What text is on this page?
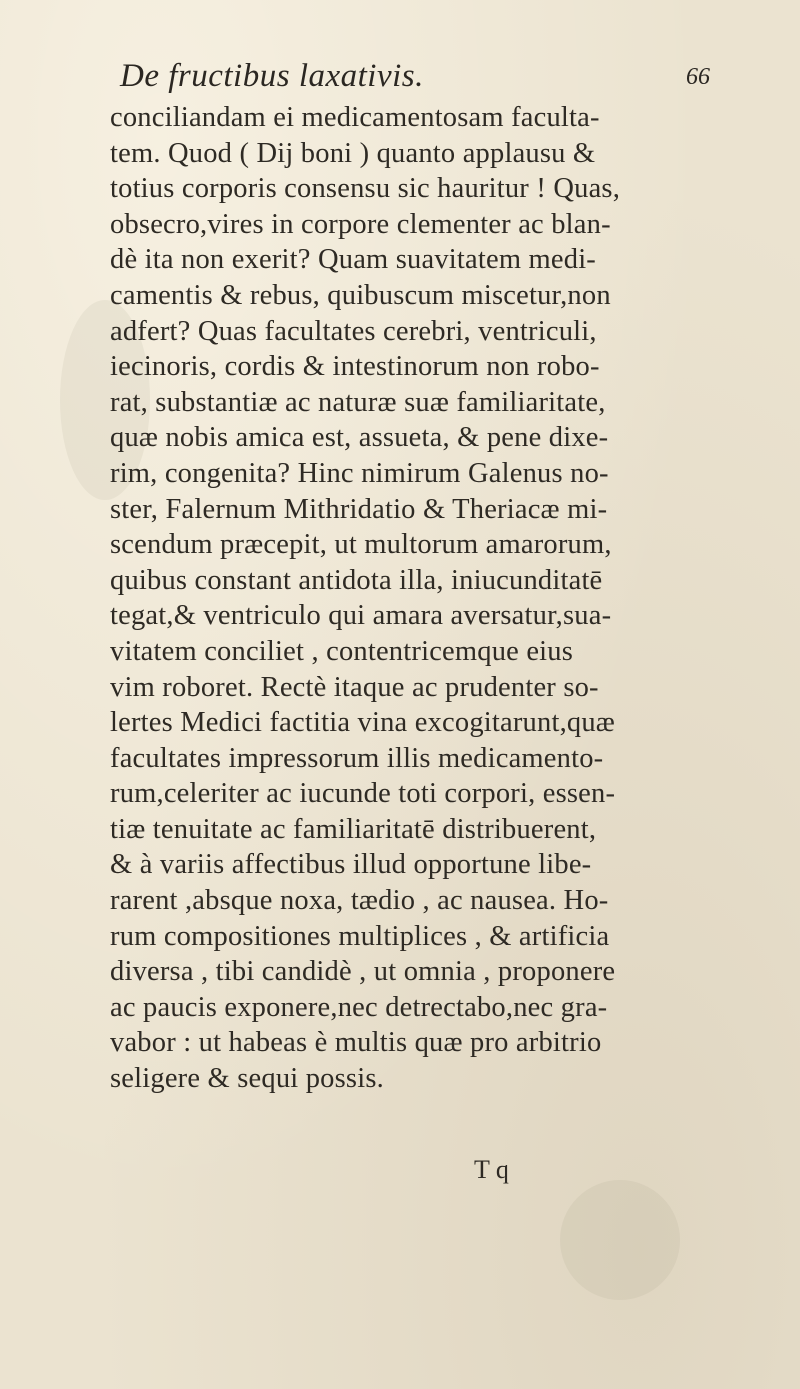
De fructibus laxativis.	66
conciliandam ei medicamentosam faculta-
tem. Quod ( Dij boni ) quanto applausu &
totius corporis consensu sic hauritur ! Quas,
obsecro,vires in corpore clementer ac blan-
dè ita non exerit? Quam suavitatem medi-
camentis & rebus, quibuscum miscetur,non
adfert? Quas facultates cerebri, ventriculi,
iecinoris, cordis & intestinorum non robo-
rat, substantiæ ac naturæ suæ familiaritate,
quæ nobis amica est, assueta, & pene dixe-
rim, congenita? Hinc nimirum Galenus no-
ster, Falernum Mithridatio & Theriacæ mi-
scendum præcepit, ut multorum amarorum,
quibus constant antidota illa, iniucunditatē
tegat,& ventriculo qui amara aversatur,sua-
vitatem conciliet , contentricemque eius
vim roboret. Rectè itaque ac prudenter so-
lertes Medici factitia vina excogitarunt,quæ
facultates impressorum illis medicamento-
rum,celeriter ac iucunde toti corpori, essen-
tiæ tenuitate ac familiaritatē distribuerent,
& à variis affectibus illud opportune libe-
rarent ,absque noxa, tædio , ac nausea. Ho-
rum compositiones multiplices , & artificia
diversa , tibi candidè , ut omnia , proponere
ac paucis exponere,nec detrectabo,nec gra-
vabor : ut habeas è multis quæ pro arbitrio
seligere & sequi possis.
T q
